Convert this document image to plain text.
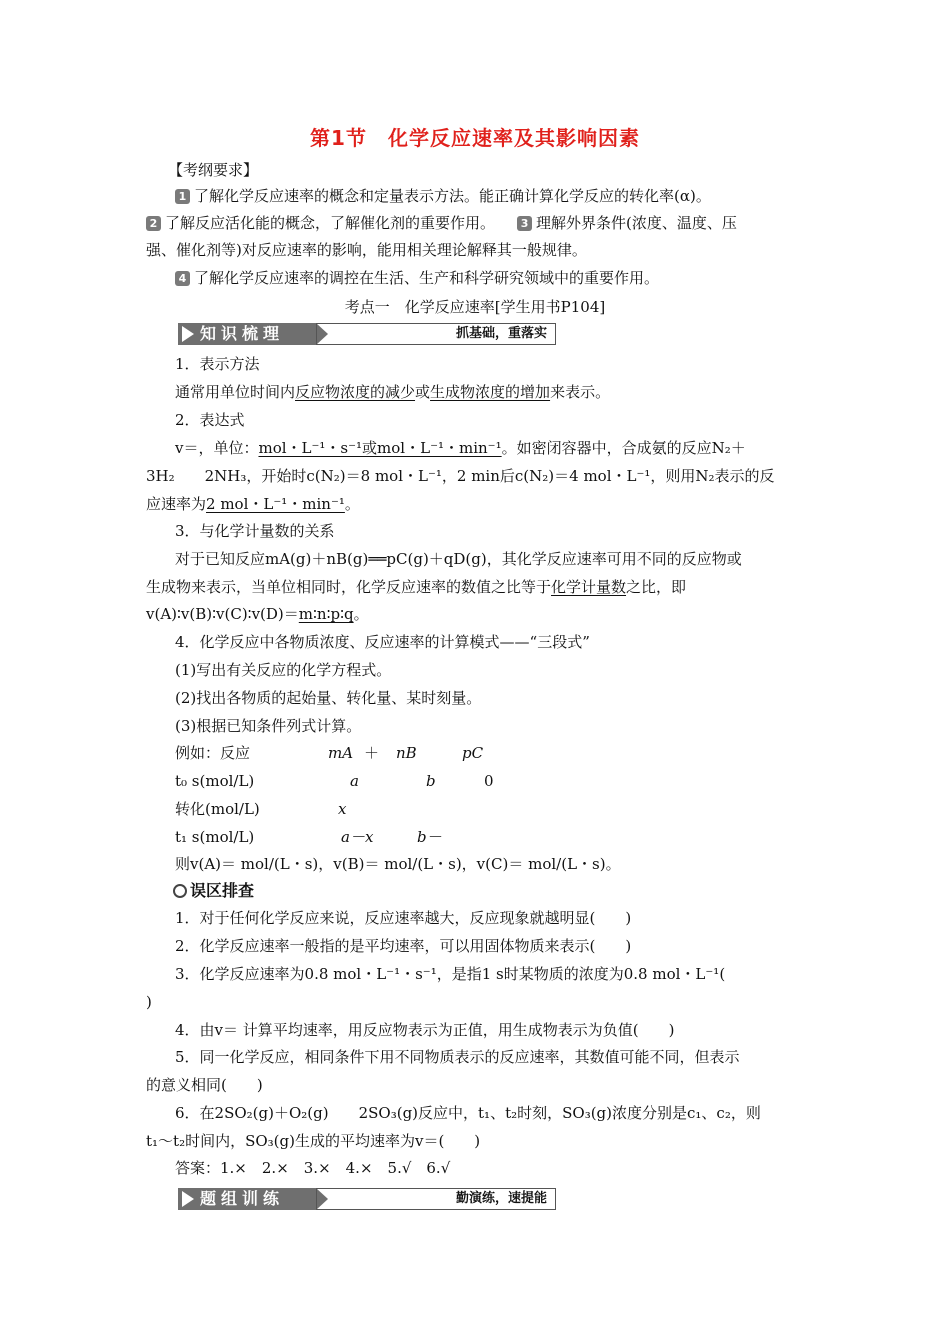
第1节　化学反应速率及其影响因素
【考纲要求】
1 了解化学反应速率的概念和定量表示方法。能正确计算化学反应的转化率(α)。
2 了解反应活化能的概念，了解催化剂的重要作用。 3 理解外界条件(浓度、温度、压
强、催化剂等)对反应速率的影响，能用相关理论解释其一般规律。
4 了解化学反应速率的调控在生活、生产和科学研究领域中的重要作用。
考点一　化学反应速率[学生用书P104]
知识梳理	抓基础，重落实
1．表示方法
通常用单位时间内反应物浓度的减少或生成物浓度的增加来表示。
2．表达式
v＝，单位：mol・L⁻¹・s⁻¹或mol・L⁻¹・min⁻¹。如密闭容器中，合成氨的反应N₂＋
3H₂　　2NH₃，开始时c(N₂)＝8 mol・L⁻¹，2 min后c(N₂)＝4 mol・L⁻¹，则用N₂表示的反
应速率为2 mol・L⁻¹・min⁻¹。
3．与化学计量数的关系
对于已知反应mA(g)＋nB(g)══pC(g)＋qD(g)，其化学反应速率可用不同的反应物或
生成物来表示，当单位相同时，化学反应速率的数值之比等于化学计量数之比，即
v(A)∶v(B)∶v(C)∶v(D)＝m∶n∶p∶q。
4．化学反应中各物质浓度、反应速率的计算模式——“三段式”
(1)写出有关反应的化学方程式。
(2)找出各物质的起始量、转化量、某时刻量。
(3)根据已知条件列式计算。
例如：反应	mA ＋	nB	pC
t₀ s(mol/L)	a	b	0
转化(mol/L)	x
t₁ s(mol/L)	a－x	b－
则v(A)＝ mol/(L・s)，v(B)＝ mol/(L・s)，v(C)＝ mol/(L・s)。
误区排查
1．对于任何化学反应来说，反应速率越大，反应现象就越明显(　　)
2．化学反应速率一般指的是平均速率，可以用固体物质来表示(　　)
3．化学反应速率为0.8 mol・L⁻¹・s⁻¹，是指1 s时某物质的浓度为0.8 mol・L⁻¹(
)
4．由v＝ 计算平均速率，用反应物表示为正值，用生成物表示为负值(　　)
5．同一化学反应，相同条件下用不同物质表示的反应速率，其数值可能不同，但表示
的意义相同(　　)
6．在2SO₂(g)＋O₂(g)　　2SO₃(g)反应中，t₁、t₂时刻，SO₃(g)浓度分别是c₁、c₂，则
t₁～t₂时间内，SO₃(g)生成的平均速率为v＝(　　)
答案：1.×　2.×　3.×　4.×　5.√　6.√
题组训练	勤演练，速提能
